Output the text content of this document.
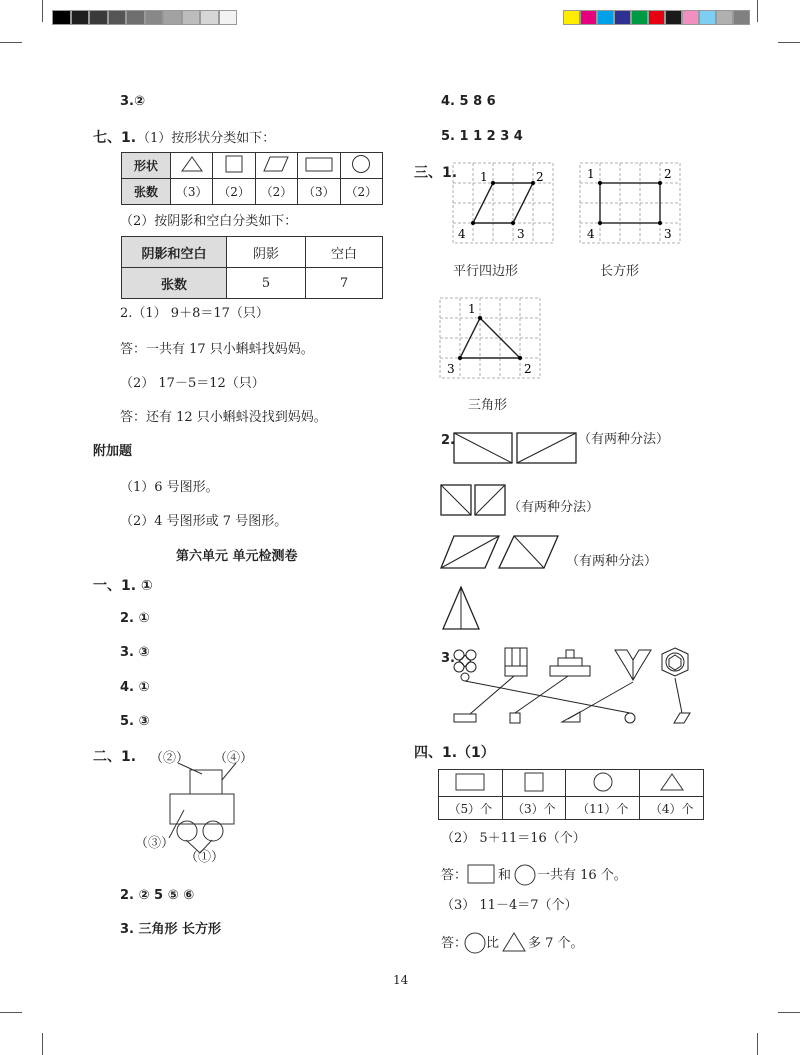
3.②
七、1. （1）按形状分类如下：
形状					
张数	（3）	（2）	（2）	（3）	（2）
（2）按阴影和空白分类如下：
阴影和空白	阴影	空白
张数	5	7
2.（1） 9＋8＝17（只）
答：一共有 17 只小蝌蚪找妈妈。
（2） 17－5＝12（只）
答：还有 12 只小蝌蚪没找到妈妈。
附加题
（1）6 号图形。
（2）4 号图形或 7 号图形。
第六单元 单元检测卷
一、1. ①
2. ①
3. ③
4. ①
5. ③
二、1. （②） （④）
（③）
（①）
2. ② 5 ⑤ ⑥
3. 三角形 长方形
4. 5 8 6
5. 1 1 2 3 4
三、1. 1	2
4	3
平行四边形
1	2
4	3
长方形
1
3	2
三角形
2.	（有两种分法）
（有两种分法）
（有两种分法）
3.
四、1.（1）

（5）个	（3）个	（11）个	（4）个
（2） 5＋11＝16（个）
答： 和 一共有 16 个。
（3） 11－4＝7（个）
答： 比 多 7 个。
14
